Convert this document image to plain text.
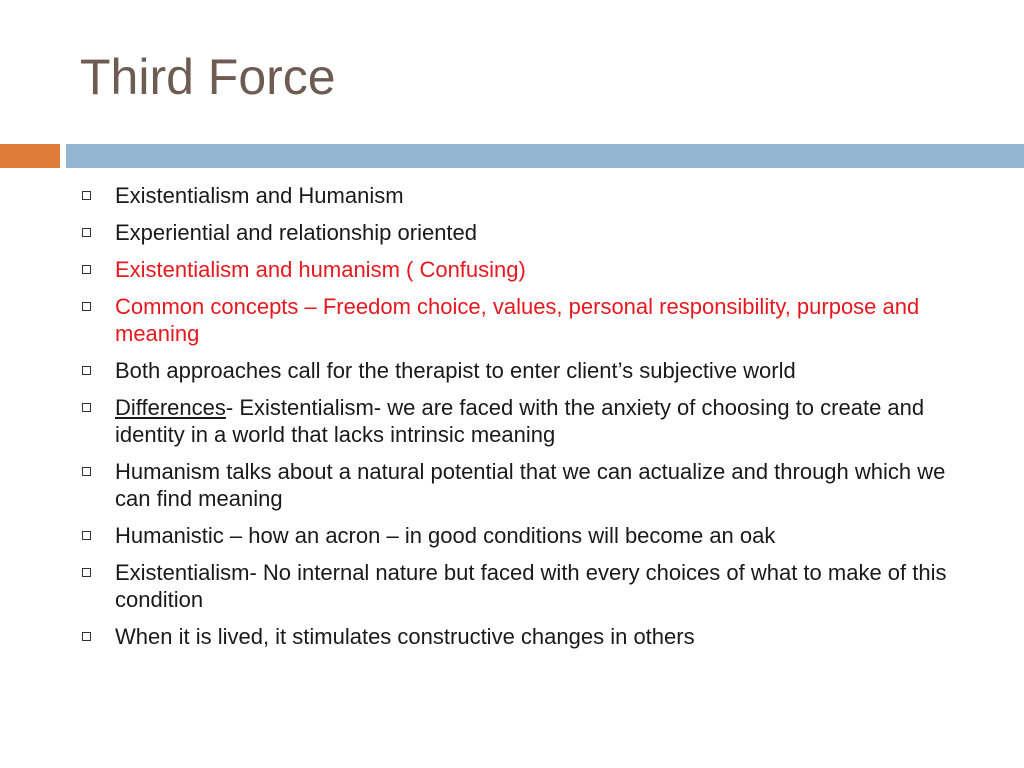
Third Force
Existentialism and Humanism
Experiential and relationship oriented
Existentialism and humanism ( Confusing)
Common concepts – Freedom choice, values, personal responsibility, purpose and meaning
Both approaches call for the therapist to enter client’s subjective world
Differences- Existentialism- we are faced with the anxiety of choosing to create and identity in a world that lacks intrinsic meaning
Humanism talks about a natural potential that we can actualize and through which we can find meaning
Humanistic – how an acron – in good conditions will become an oak
Existentialism- No internal nature but faced with every choices of what to make of this condition
When it is lived, it stimulates constructive changes in others
